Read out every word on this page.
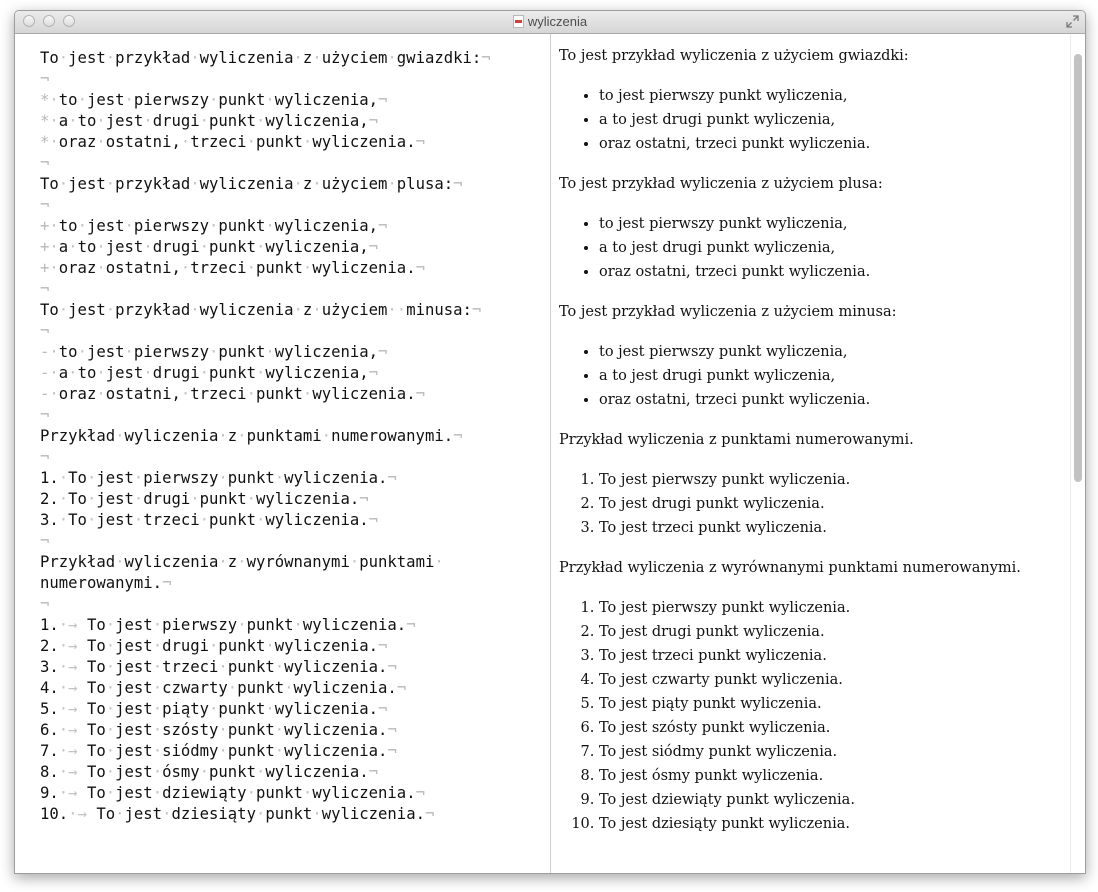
wyliczenia
To·jest·przykład·wyliczenia·z·użyciem·gwiazdki:¬
¬
*·to·jest·pierwszy·punkt·wyliczenia,¬
*·a·to·jest·drugi·punkt·wyliczenia,¬
*·oraz·ostatni,·trzeci·punkt·wyliczenia.¬
¬
To·jest·przykład·wyliczenia·z·użyciem·plusa:¬
¬
+·to·jest·pierwszy·punkt·wyliczenia,¬
+·a·to·jest·drugi·punkt·wyliczenia,¬
+·oraz·ostatni,·trzeci·punkt·wyliczenia.¬
¬
To·jest·przykład·wyliczenia·z·użyciem··minusa:¬
¬
-·to·jest·pierwszy·punkt·wyliczenia,¬
-·a·to·jest·drugi·punkt·wyliczenia,¬
-·oraz·ostatni,·trzeci·punkt·wyliczenia.¬
¬
Przykład·wyliczenia·z·punktami·numerowanymi.¬
¬
1.·To·jest·pierwszy·punkt·wyliczenia.¬
2.·To·jest·drugi·punkt·wyliczenia.¬
3.·To·jest·trzeci·punkt·wyliczenia.¬
¬
Przykład·wyliczenia·z·wyrównanymi·punktami·
numerowanymi.¬
¬
1.·→ To·jest·pierwszy·punkt·wyliczenia.¬
2.·→ To·jest·drugi·punkt·wyliczenia.¬
3.·→ To·jest·trzeci·punkt·wyliczenia.¬
4.·→ To·jest·czwarty·punkt·wyliczenia.¬
5.·→ To·jest·piąty·punkt·wyliczenia.¬
6.·→ To·jest·szósty·punkt·wyliczenia.¬
7.·→ To·jest·siódmy·punkt·wyliczenia.¬
8.·→ To·jest·ósmy·punkt·wyliczenia.¬
9.·→ To·jest·dziewiąty·punkt·wyliczenia.¬
10.·→ To·jest·dziesiąty·punkt·wyliczenia.¬

To jest przykład wyliczenia z użyciem gwiazdki:

• to jest pierwszy punkt wyliczenia,
• a to jest drugi punkt wyliczenia,
• oraz ostatni, trzeci punkt wyliczenia.

To jest przykład wyliczenia z użyciem plusa:

• to jest pierwszy punkt wyliczenia,
• a to jest drugi punkt wyliczenia,
• oraz ostatni, trzeci punkt wyliczenia.

To jest przykład wyliczenia z użyciem minusa:

• to jest pierwszy punkt wyliczenia,
• a to jest drugi punkt wyliczenia,
• oraz ostatni, trzeci punkt wyliczenia.

Przykład wyliczenia z punktami numerowanymi.

1. To jest pierwszy punkt wyliczenia.
2. To jest drugi punkt wyliczenia.
3. To jest trzeci punkt wyliczenia.

Przykład wyliczenia z wyrównanymi punktami numerowanymi.

1. To jest pierwszy punkt wyliczenia.
2. To jest drugi punkt wyliczenia.
3. To jest trzeci punkt wyliczenia.
4. To jest czwarty punkt wyliczenia.
5. To jest piąty punkt wyliczenia.
6. To jest szósty punkt wyliczenia.
7. To jest siódmy punkt wyliczenia.
8. To jest ósmy punkt wyliczenia.
9. To jest dziewiąty punkt wyliczenia.
10. To jest dziesiąty punkt wyliczenia.
